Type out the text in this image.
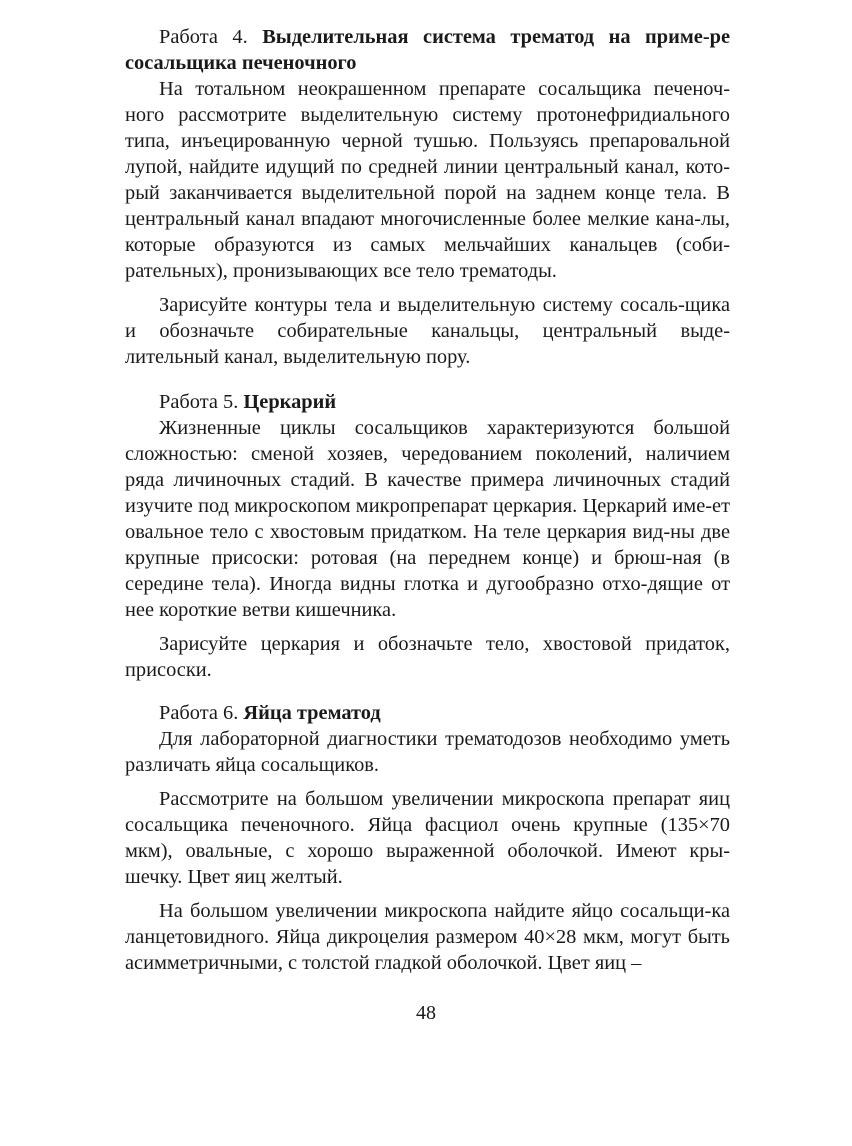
Работа 4. Выделительная система трематод на приме-ре сосальщика печеночного

На тотальном неокрашенном препарате сосальщика печеноч-ного рассмотрите выделительную систему протонефридиального типа, инъецированную черной тушью. Пользуясь препаровальной лупой, найдите идущий по средней линии центральный канал, кото-рый заканчивается выделительной порой на заднем конце тела. В центральный канал впадают многочисленные более мелкие кана-лы, которые образуются из самых мельчайших канальцев (соби-рательных), пронизывающих все тело трематоды.

Зарисуйте контуры тела и выделительную систему сосаль-щика и обозначьте собирательные канальцы, центральный выде-лительный канал, выделительную пору.

Работа 5. Церкарий

Жизненные циклы сосальщиков характеризуются большой сложностью: сменой хозяев, чередованием поколений, наличием ряда личиночных стадий. В качестве примера личиночных стадий изучите под микроскопом микропрепарат церкария. Церкарий име-ет овальное тело с хвостовым придатком. На теле церкария вид-ны две крупные присоски: ротовая (на переднем конце) и брюш-ная (в середине тела). Иногда видны глотка и дугообразно отхо-дящие от нее короткие ветви кишечника.

Зарисуйте церкария и обозначьте тело, хвостовой придаток, присоски.

Работа 6. Яйца трематод

Для лабораторной диагностики трематодозов необходимо уметь различать яйца сосальщиков.

Рассмотрите на большом увеличении микроскопа препарат яиц сосальщика печеночного. Яйца фасциол очень крупные (135×70 мкм), овальные, с хорошо выраженной оболочкой. Имеют кры-шечку. Цвет яиц желтый.

На большом увеличении микроскопа найдите яйцо сосальщи-ка ланцетовидного. Яйца дикроцелия размером 40×28 мкм, могут быть асимметричными, с толстой гладкой оболочкой. Цвет яиц –

48
